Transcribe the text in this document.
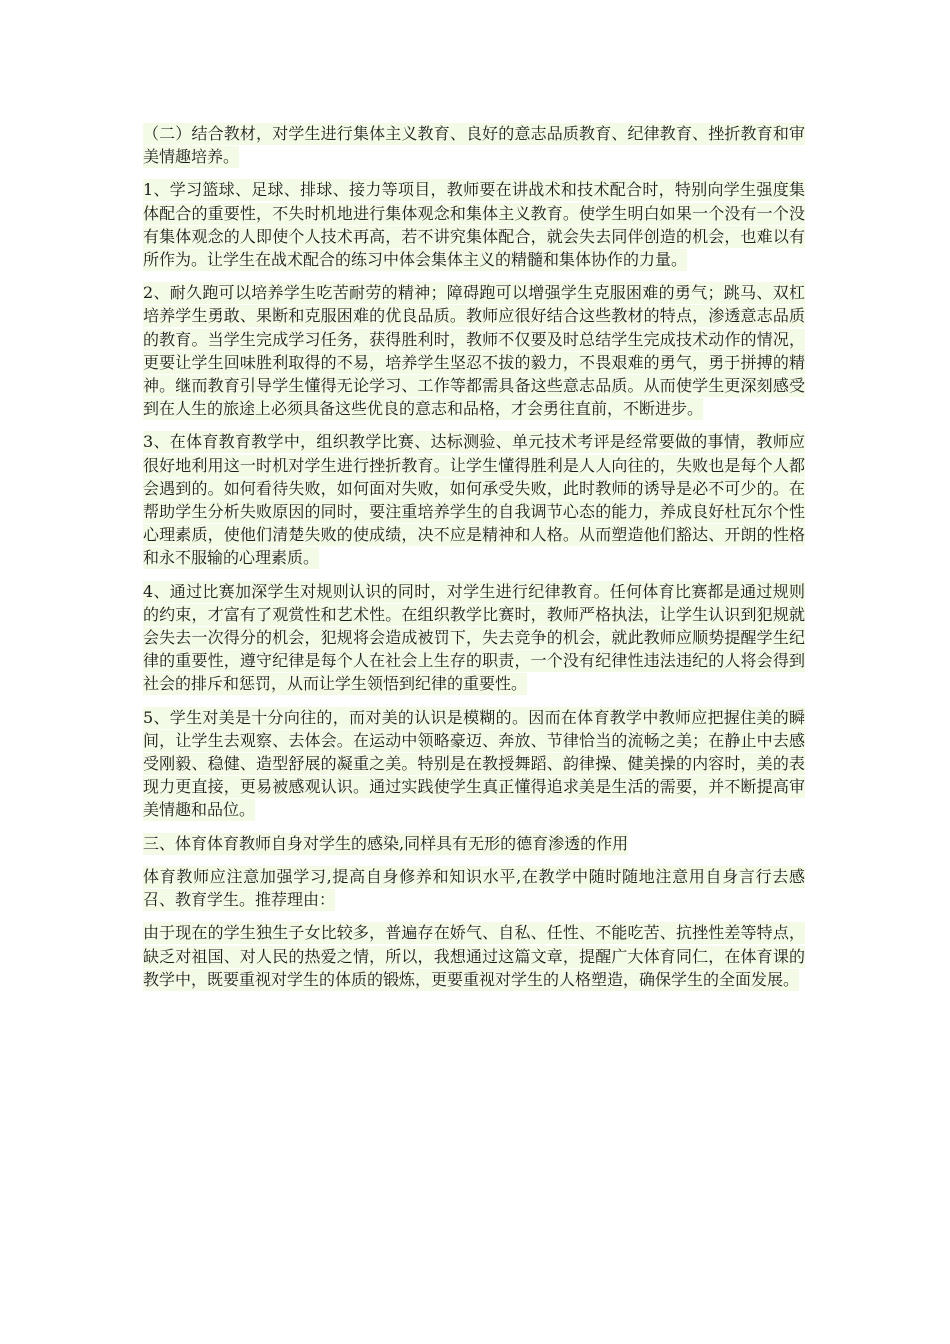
（二）结合教材，对学生进行集体主义教育、良好的意志品质教育、纪律教育、挫折教育和审美情趣培养。

1、学习篮球、足球、排球、接力等项目，教师要在讲战术和技术配合时，特别向学生强度集体配合的重要性，不失时机地进行集体观念和集体主义教育。使学生明白如果一个没有一个没有集体观念的人即使个人技术再高，若不讲究集体配合，就会失去同伴创造的机会，也难以有所作为。让学生在战术配合的练习中体会集体主义的精髓和集体协作的力量。

2、耐久跑可以培养学生吃苦耐劳的精神；障碍跑可以增强学生克服困难的勇气；跳马、双杠培养学生勇敢、果断和克服困难的优良品质。教师应很好结合这些教材的特点，渗透意志品质的教育。当学生完成学习任务，获得胜利时，教师不仅要及时总结学生完成技术动作的情况，更要让学生回味胜利取得的不易，培养学生坚忍不拔的毅力，不畏艰难的勇气，勇于拼搏的精神。继而教育引导学生懂得无论学习、工作等都需具备这些意志品质。从而使学生更深刻感受到在人生的旅途上必须具备这些优良的意志和品格，才会勇往直前，不断进步。

3、在体育教育教学中，组织教学比赛、达标测验、单元技术考评是经常要做的事情，教师应很好地利用这一时机对学生进行挫折教育。让学生懂得胜利是人人向往的，失败也是每个人都会遇到的。如何看待失败，如何面对失败，如何承受失败，此时教师的诱导是必不可少的。在帮助学生分析失败原因的同时，要注重培养学生的自我调节心态的能力，养成良好杜瓦尔个性心理素质，使他们清楚失败的使成绩，决不应是精神和人格。从而塑造他们豁达、开朗的性格和永不服输的心理素质。

4、通过比赛加深学生对规则认识的同时，对学生进行纪律教育。任何体育比赛都是通过规则的约束，才富有了观赏性和艺术性。在组织教学比赛时，教师严格执法，让学生认识到犯规就会失去一次得分的机会，犯规将会造成被罚下，失去竞争的机会，就此教师应顺势提醒学生纪律的重要性，遵守纪律是每个人在社会上生存的职责，一个没有纪律性违法违纪的人将会得到社会的排斥和惩罚，从而让学生领悟到纪律的重要性。

5、学生对美是十分向往的，而对美的认识是模糊的。因而在体育教学中教师应把握住美的瞬间，让学生去观察、去体会。在运动中领略豪迈、奔放、节律恰当的流畅之美；在静止中去感受刚毅、稳健、造型舒展的凝重之美。特别是在教授舞蹈、韵律操、健美操的内容时，美的表现力更直接，更易被感观认识。通过实践使学生真正懂得追求美是生活的需要，并不断提高审美情趣和品位。

三、体育体育教师自身对学生的感染,同样具有无形的德育渗透的作用

体育教师应注意加强学习,提高自身修养和知识水平,在教学中随时随地注意用自身言行去感召、教育学生。推荐理由：

由于现在的学生独生子女比较多，普遍存在娇气、自私、任性、不能吃苦、抗挫性差等特点，缺乏对祖国、对人民的热爱之情，所以，我想通过这篇文章，提醒广大体育同仁，在体育课的教学中，既要重视对学生的体质的锻炼，更要重视对学生的人格塑造，确保学生的全面发展。
